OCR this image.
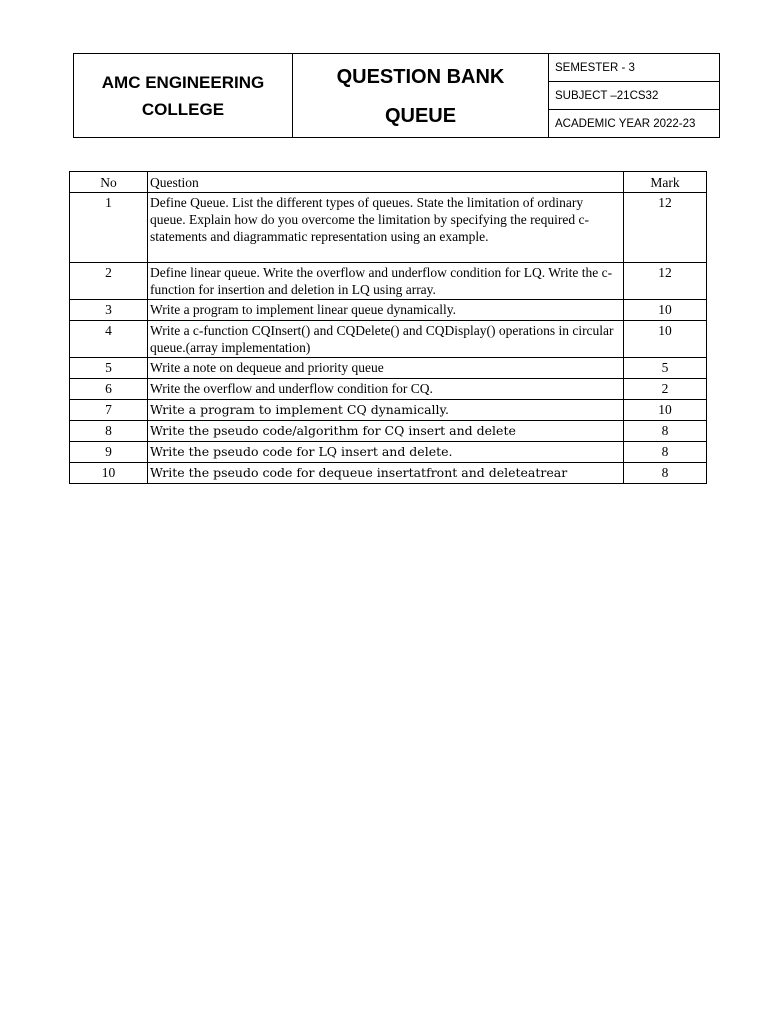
AMC ENGINEERING
COLLEGE	
QUESTION BANK
QUEUE
	SEMESTER - 3
SUBJECT –21CS32
ACADEMIC YEAR 2022-23
No	Question	Mark
1	Define Queue. List the different types of queues. State the limitation of ordinary queue. Explain how do you overcome the limitation by specifying the required c-statements and diagrammatic representation using an example.	12
2	Define linear queue. Write the overflow and underflow condition for LQ. Write the c-function for insertion and deletion in LQ using array.	12
3	Write a program to implement linear queue dynamically.	10
4	Write a c-function CQInsert() and CQDelete() and CQDisplay() operations in circular queue.(array implementation)	10
5	Write a note on dequeue and priority queue	5
6	Write the overflow and underflow condition for CQ.	2
7	Write a program to implement CQ dynamically.	10
8	Write the pseudo code/algorithm for CQ insert and delete	8
9	Write the pseudo code for LQ insert and delete.	8
10	Write the pseudo code for dequeue insertatfront and deleteatrear	8
